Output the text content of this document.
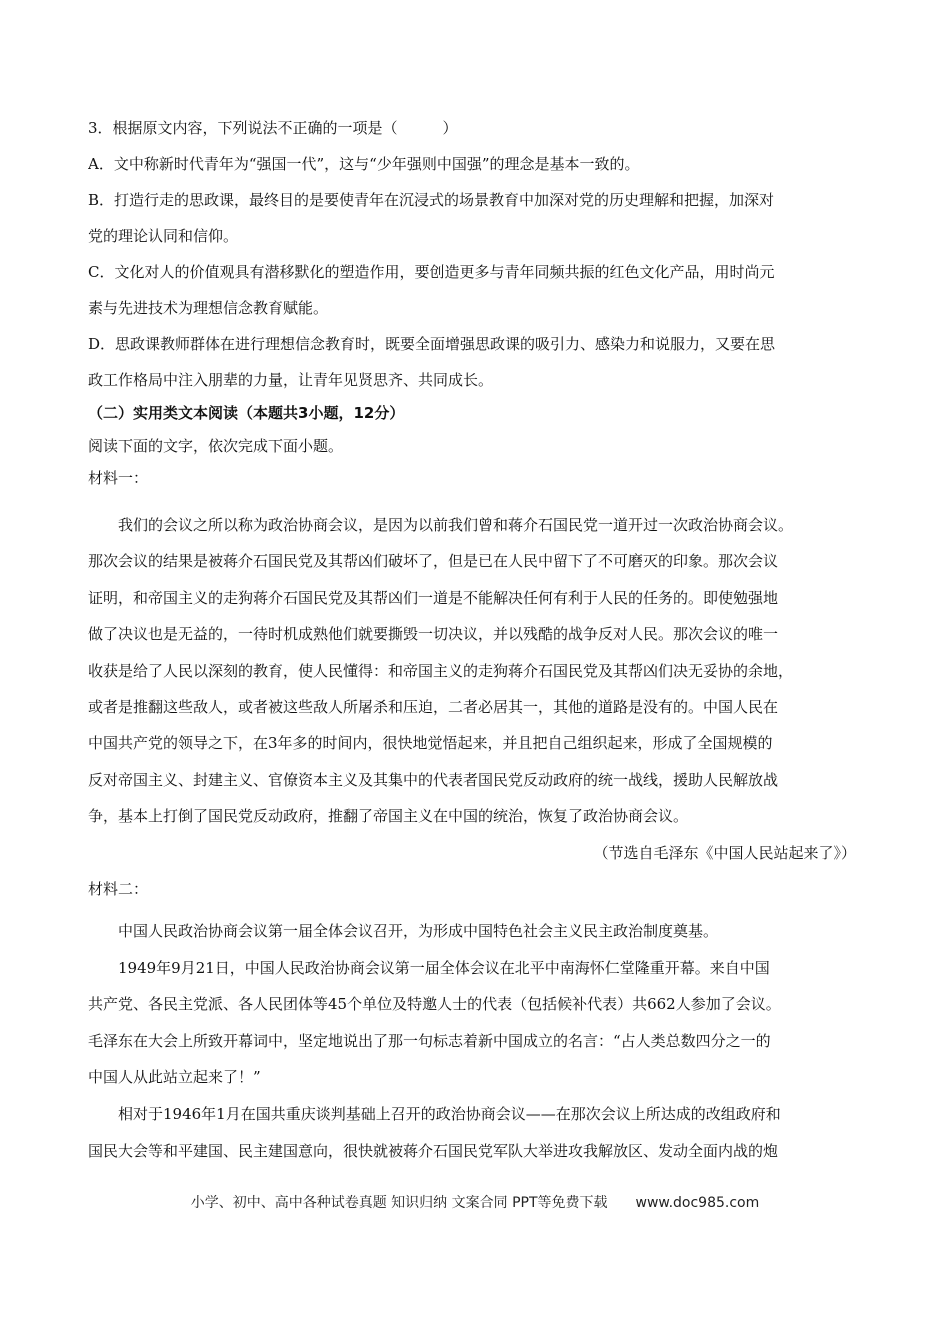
3．根据原文内容，下列说法不正确的一项是（　　　）
A．文中称新时代青年为“强国一代”，这与“少年强则中国强”的理念是基本一致的。
B．打造行走的思政课，最终目的是要使青年在沉浸式的场景教育中加深对党的历史理解和把握，加深对
党的理论认同和信仰。
C．文化对人的价值观具有潜移默化的塑造作用，要创造更多与青年同频共振的红色文化产品，用时尚元
素与先进技术为理想信念教育赋能。
D．思政课教师群体在进行理想信念教育时，既要全面增强思政课的吸引力、感染力和说服力，又要在思
政工作格局中注入朋辈的力量，让青年见贤思齐、共同成长。
（二）实用类文本阅读（本题共3小题，12分）
阅读下面的文字，依次完成下面小题。
材料一：
我们的会议之所以称为政治协商会议，是因为以前我们曾和蒋介石国民党一道开过一次政治协商会议。
那次会议的结果是被蒋介石国民党及其帮凶们破坏了，但是已在人民中留下了不可磨灭的印象。那次会议
证明，和帝国主义的走狗蒋介石国民党及其帮凶们一道是不能解决任何有利于人民的任务的。即使勉强地
做了决议也是无益的，一待时机成熟他们就要撕毁一切决议，并以残酷的战争反对人民。那次会议的唯一
收获是给了人民以深刻的教育，使人民懂得：和帝国主义的走狗蒋介石国民党及其帮凶们决无妥协的余地，
或者是推翻这些敌人，或者被这些敌人所屠杀和压迫，二者必居其一，其他的道路是没有的。中国人民在
中国共产党的领导之下，在3年多的时间内，很快地觉悟起来，并且把自己组织起来，形成了全国规模的
反对帝国主义、封建主义、官僚资本主义及其集中的代表者国民党反动政府的统一战线，援助人民解放战
争，基本上打倒了国民党反动政府，推翻了帝国主义在中国的统治，恢复了政治协商会议。
（节选自毛泽东《中国人民站起来了》）
材料二：
中国人民政治协商会议第一届全体会议召开，为形成中国特色社会主义民主政治制度奠基。
1949年9月21日，中国人民政治协商会议第一届全体会议在北平中南海怀仁堂隆重开幕。来自中国
共产党、各民主党派、各人民团体等45个单位及特邀人士的代表（包括候补代表）共662人参加了会议。
毛泽东在大会上所致开幕词中，坚定地说出了那一句标志着新中国成立的名言：“占人类总数四分之一的
中国人从此站立起来了！”
相对于1946年1月在国共重庆谈判基础上召开的政治协商会议——在那次会议上所达成的改组政府和
国民大会等和平建国、民主建国意向，很快就被蒋介石国民党军队大举进攻我解放区、发动全面内战的炮
小学、初中、高中各种试卷真题 知识归纳 文案合同 PPT等免费下载 www.doc985.com
